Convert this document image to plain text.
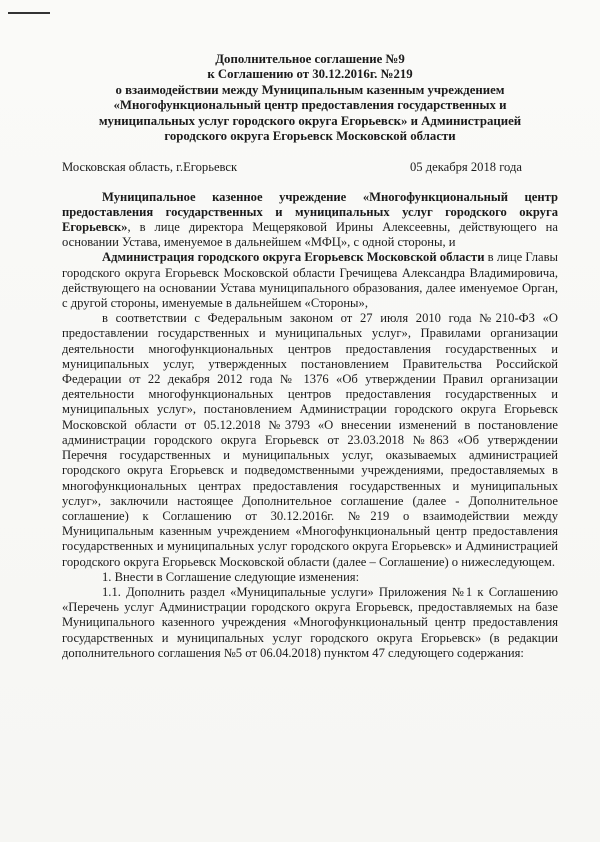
Дополнительное соглашение №9
к Соглашению от 30.12.2016г. №219
о взаимодействии между Муниципальным казенным учреждением
«Многофункциональный центр предоставления государственных и
муниципальных услуг городского округа Егорьевск» и Администрацией
городского округа Егорьевск Московской области
Московская область, г.Егорьевск	05 декабря 2018 года

Муниципальное казенное учреждение «Многофункциональный центр предоставления государственных и муниципальных услуг городского округа Егорьевск», в лице директора Мещеряковой Ирины Алексеевны, действующего на основании Устава, именуемое в дальнейшем «МФЦ», с одной стороны, и

Администрация городского округа Егорьевск Московской области в лице Главы городского округа Егорьевск Московской области Гречищева Александра Владимировича, действующего на основании Устава муниципального образования, далее именуемое Орган, с другой стороны, именуемые в дальнейшем «Стороны»,

в соответствии с Федеральным законом от 27 июля 2010 года №210-ФЗ «О предоставлении государственных и муниципальных услуг», Правилами организации деятельности многофункциональных центров предоставления государственных и муниципальных услуг, утвержденных постановлением Правительства Российской Федерации от 22 декабря 2012 года № 1376 «Об утверждении Правил организации деятельности многофункциональных центров предоставления государственных и муниципальных услуг», постановлением Администрации городского округа Егорьевск Московской области от 05.12.2018 №3793 «О внесении изменений в постановление администрации городского округа Егорьевск от 23.03.2018 №863 «Об утверждении Перечня государственных и муниципальных услуг, оказываемых администрацией городского округа Егорьевск и подведомственными учреждениями, предоставляемых в многофункциональных центрах предоставления государственных и муниципальных услуг», заключили настоящее Дополнительное соглашение (далее - Дополнительное соглашение) к Соглашению от 30.12.2016г. №219 о взаимодействии между Муниципальным казенным учреждением «Многофункциональный центр предоставления государственных и муниципальных услуг городского округа Егорьевск» и Администрацией городского округа Егорьевск Московской области (далее – Соглашение) о нижеследующем.

1. Внести в Соглашение следующие изменения:

1.1. Дополнить раздел «Муниципальные услуги» Приложения №1 к Соглашению «Перечень услуг Администрации городского округа Егорьевск, предоставляемых на базе Муниципального казенного учреждения «Многофункциональный центр предоставления государственных и муниципальных услуг городского округа Егорьевск» (в редакции дополнительного соглашения №5 от 06.04.2018) пунктом 47 следующего содержания:
